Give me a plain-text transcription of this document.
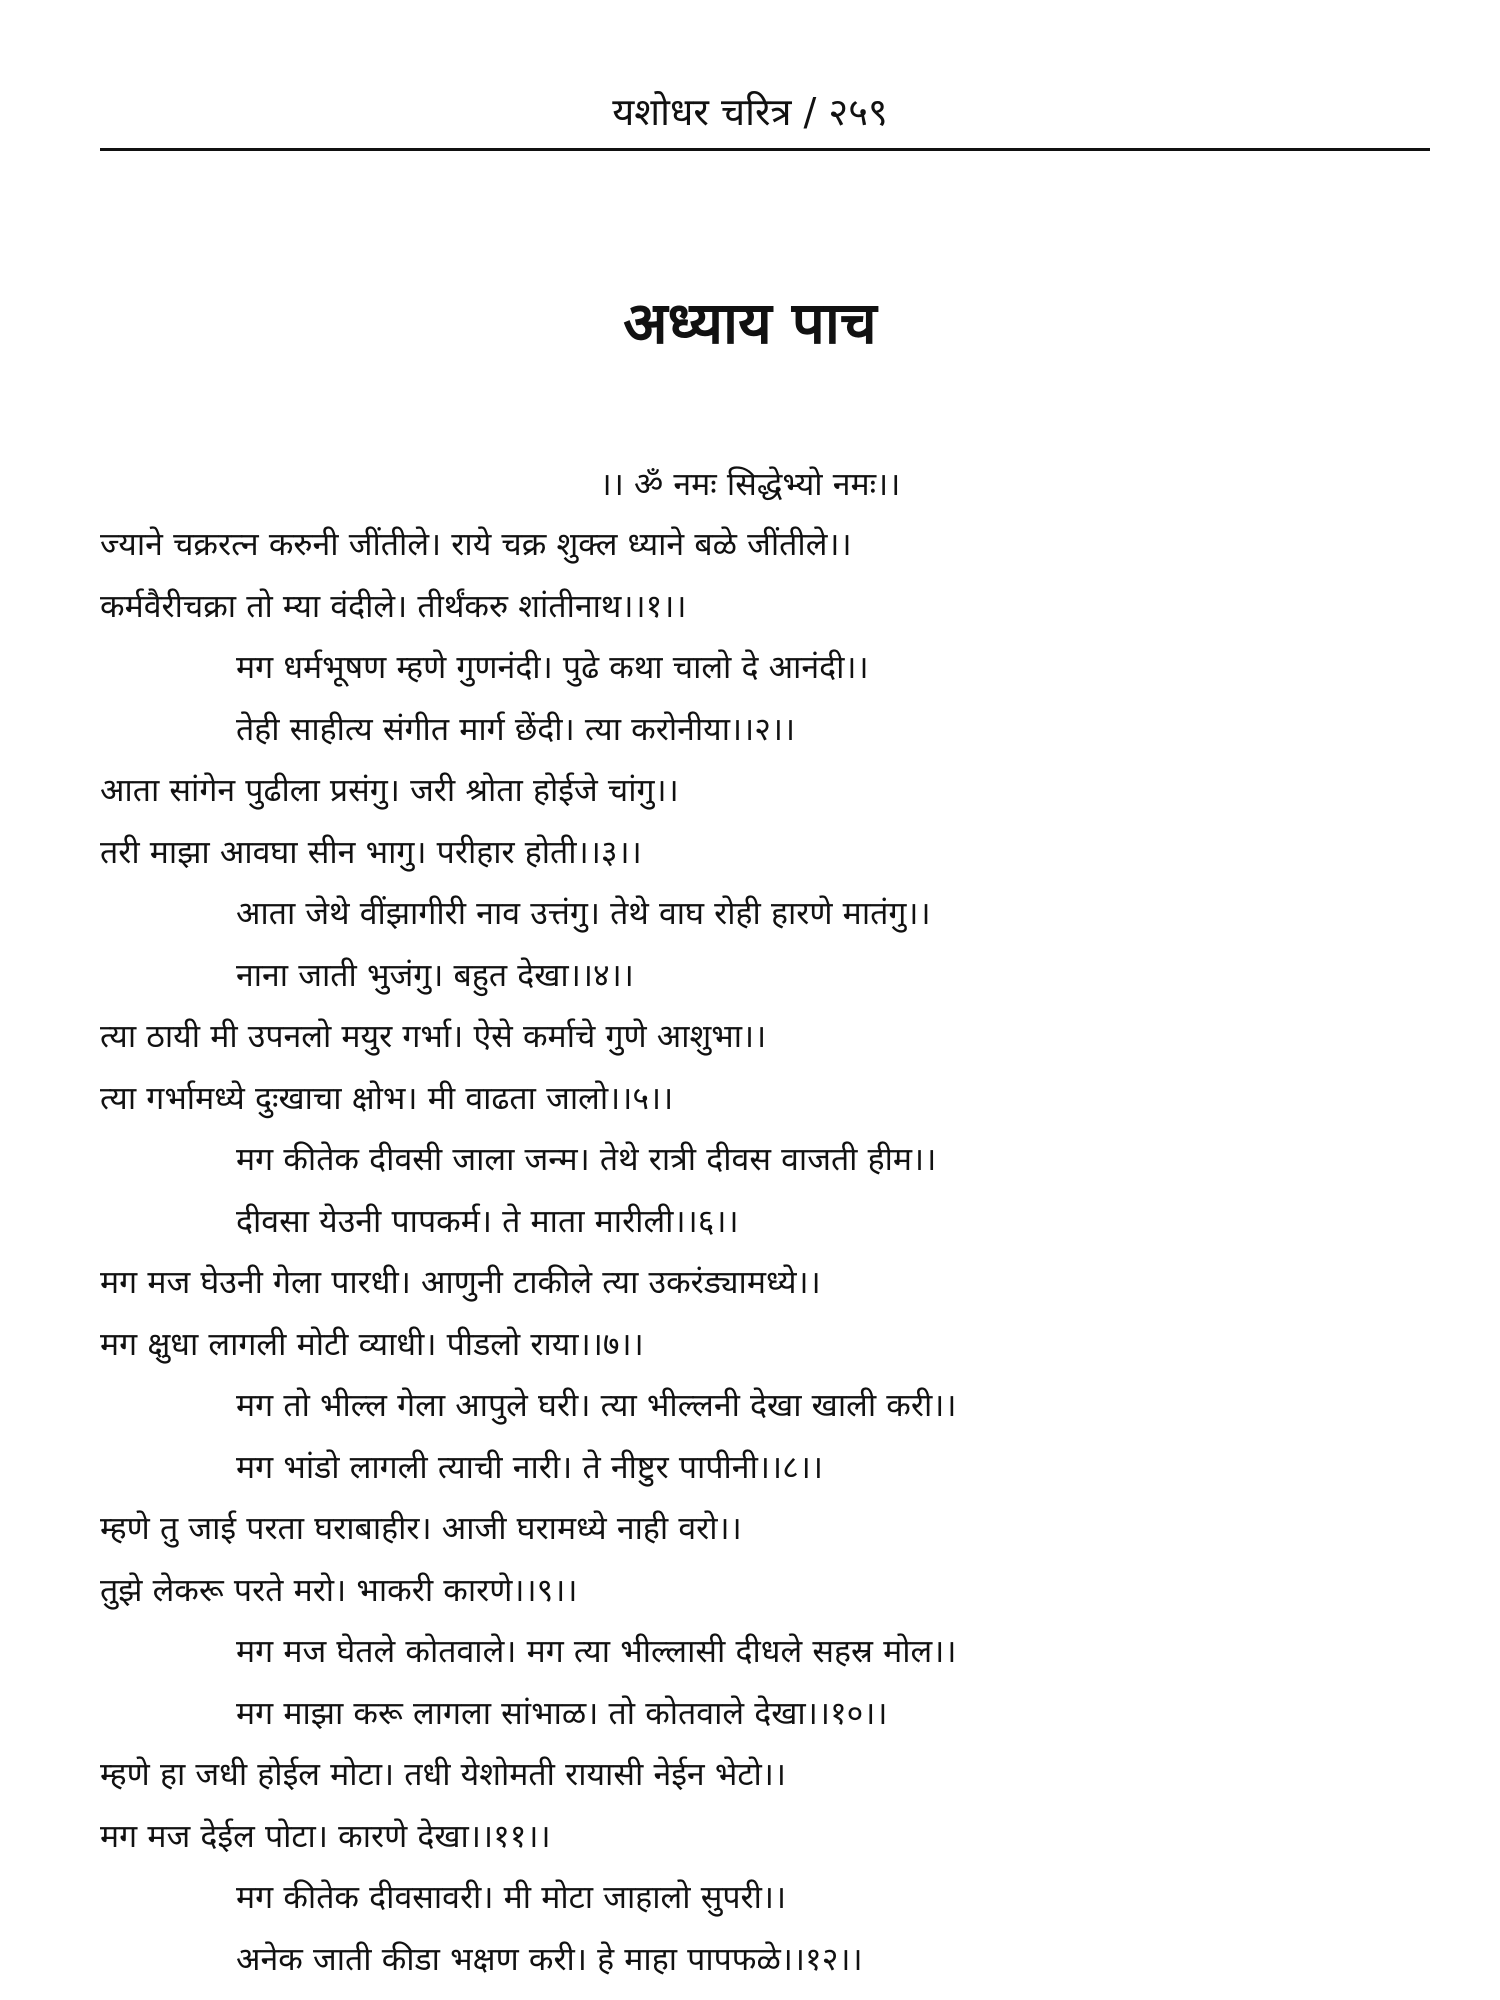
यशोधर चरित्र / २५९
अध्याय पाच
।। ॐ नमः सिद्धेभ्यो नमः।।
ज्याने चक्ररत्न करुनी जींतीले। राये चक्र शुक्ल ध्याने बळे जींतीले।।
कर्मवैरीचक्रा तो म्या वंदीले। तीर्थंकरु शांतीनाथ।।१।।
मग धर्मभूषण म्हणे गुणनंदी। पुढे कथा चालो दे आनंदी।।
तेही साहीत्य संगीत मार्ग छेंदी। त्या करोनीया।।२।।
आता सांगेन पुढीला प्रसंगु। जरी श्रोता होईजे चांगु।।
तरी माझा आवघा सीन भागु। परीहार होती।।३।।
आता जेथे वींझागीरी नाव उत्तंगु। तेथे वाघ रोही हारणे मातंगु।।
नाना जाती भुजंगु। बहुत देखा।।४।।
त्या ठायी मी उपनलो मयुर गर्भा। ऐसे कर्माचे गुणे आशुभा।।
त्या गर्भामध्ये दुःखाचा क्षोभ। मी वाढता जालो।।५।।
मग कीतेक दीवसी जाला जन्म। तेथे रात्री दीवस वाजती हीम।।
दीवसा येउनी पापकर्म। ते माता मारीली।।६।।
मग मज घेउनी गेला पारधी। आणुनी टाकीले त्या उकरंड्यामध्ये।।
मग क्षुधा लागली मोटी व्याधी। पीडलो राया।।७।।
मग तो भील्ल गेला आपुले घरी। त्या भील्लनी देखा खाली करी।।
मग भांडो लागली त्याची नारी। ते नीष्टुर पापीनी।।८।।
म्हणे तु जाई परता घराबाहीर। आजी घरामध्ये नाही वरो।।
तुझे लेकरू परते मरो। भाकरी कारणे।।९।।
मग मज घेतले कोतवाले। मग त्या भील्लासी दीधले सहस्र मोल।।
मग माझा करू लागला सांभाळ। तो कोतवाले देखा।।१०।।
म्हणे हा जधी होईल मोटा। तधी येशोमती रायासी नेईन भेटो।।
मग मज देईल पोटा। कारणे देखा।।११।।
मग कीतेक दीवसावरी। मी मोटा जाहालो सुपरी।।
अनेक जाती कीडा भक्षण करी। हे माहा पापफळे।।१२।।
